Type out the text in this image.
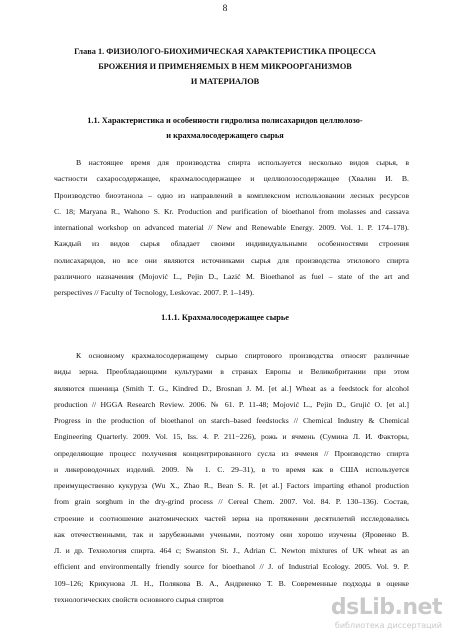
8
Глава 1. ФИЗИОЛОГО-БИОХИМИЧЕСКАЯ ХАРАКТЕРИСТИКА ПРОЦЕССА
БРОЖЕНИЯ И ПРИМЕНЯЕМЫХ В НЕМ МИКРООРГАНИЗМОВ
И МАТЕРИАЛОВ
1.1. Характеристика и особенности гидролиза полисахаридов целлюлозо-
и крахмалосодержащего сырья
В настоящее время для производства спирта используется несколько видов сырья, в
частности сахаросодержащее, крахмалосодержащее и целлюлозосодержащее (Хвалин И. В.
Производство биоэтанола – одно из направлений в комплексном использовании лесных ресурсов
С. 18; Maryana R., Wahono S. Kr. Production and purification of bioethanol from molasses and cassava
international workshop on advanced material // New and Renewable Energy. 2009. Vol. 1. P. 174–178).
Каждый из видов сырья обладает своими индивидуальными особенностями строения
полисахаридов, но все они являются источниками сырья для производства этилового спирта
различного назначения (Mojović L., Pejin D., Lazić M. Bioethanol as fuel – state of the art and
perspectives // Faculty of Tecnology, Leskovac. 2007. P. 1–149).
1.1.1. Крахмалосодержащее сырье
К основному крахмалосодержащему сырью спиртового производства относят различные
виды зерна. Преобладающими культурами в странах Европы и Великобритании при этом
являются пшеница (Smith T. G., Kindred D., Brosnan J. M. [et al.] Wheat as a feedstock for alcohol
production // HGGA Research Review. 2006. № 61. P. 11-48; Mojović L., Pejin D., Grujić O. [et al.]
Progress in the production of bioethanol on starch–based feedstocks // Chemical Industry & Chemical
Engineering Quarterly. 2009. Vol. 15, Iss. 4. P. 211−226), рожь и ячмень (Сумина Л. И. Факторы,
определяющие процесс получения концентрированного сусла из ячменя // Производство спирта
и ликероводочных изделий. 2009. № 1. С. 29–31), в то время как в США используется
преимущественно кукуруза (Wu X., Zhao R., Bean S. R. [et al.] Factors imparting ethanol production
from grain sorghum in the dry-grind process // Cereal Chem. 2007. Vol. 84. P. 130–136). Состав,
строение и соотношение анатомических частей зерна на протяжении десятилетий исследовались
как отечественными, так и зарубежными учеными, поэтому они хорошо изучены (Яровенко В.
Л. и др. Технология спирта. 464 с; Swanston St. J., Adrian C. Newton mixtures of UK wheat as an
efficient and environmentally friendly source for bioethanol // J. of Industrial Ecology. 2005. Vol. 9. P.
109–126; Крикунова Л. Н., Полякова В. А., Андриенко Т. В. Современные подходы в оценке
технологических свойств основного сырья спиртов	dsLib.net
библиотека диссертаций
